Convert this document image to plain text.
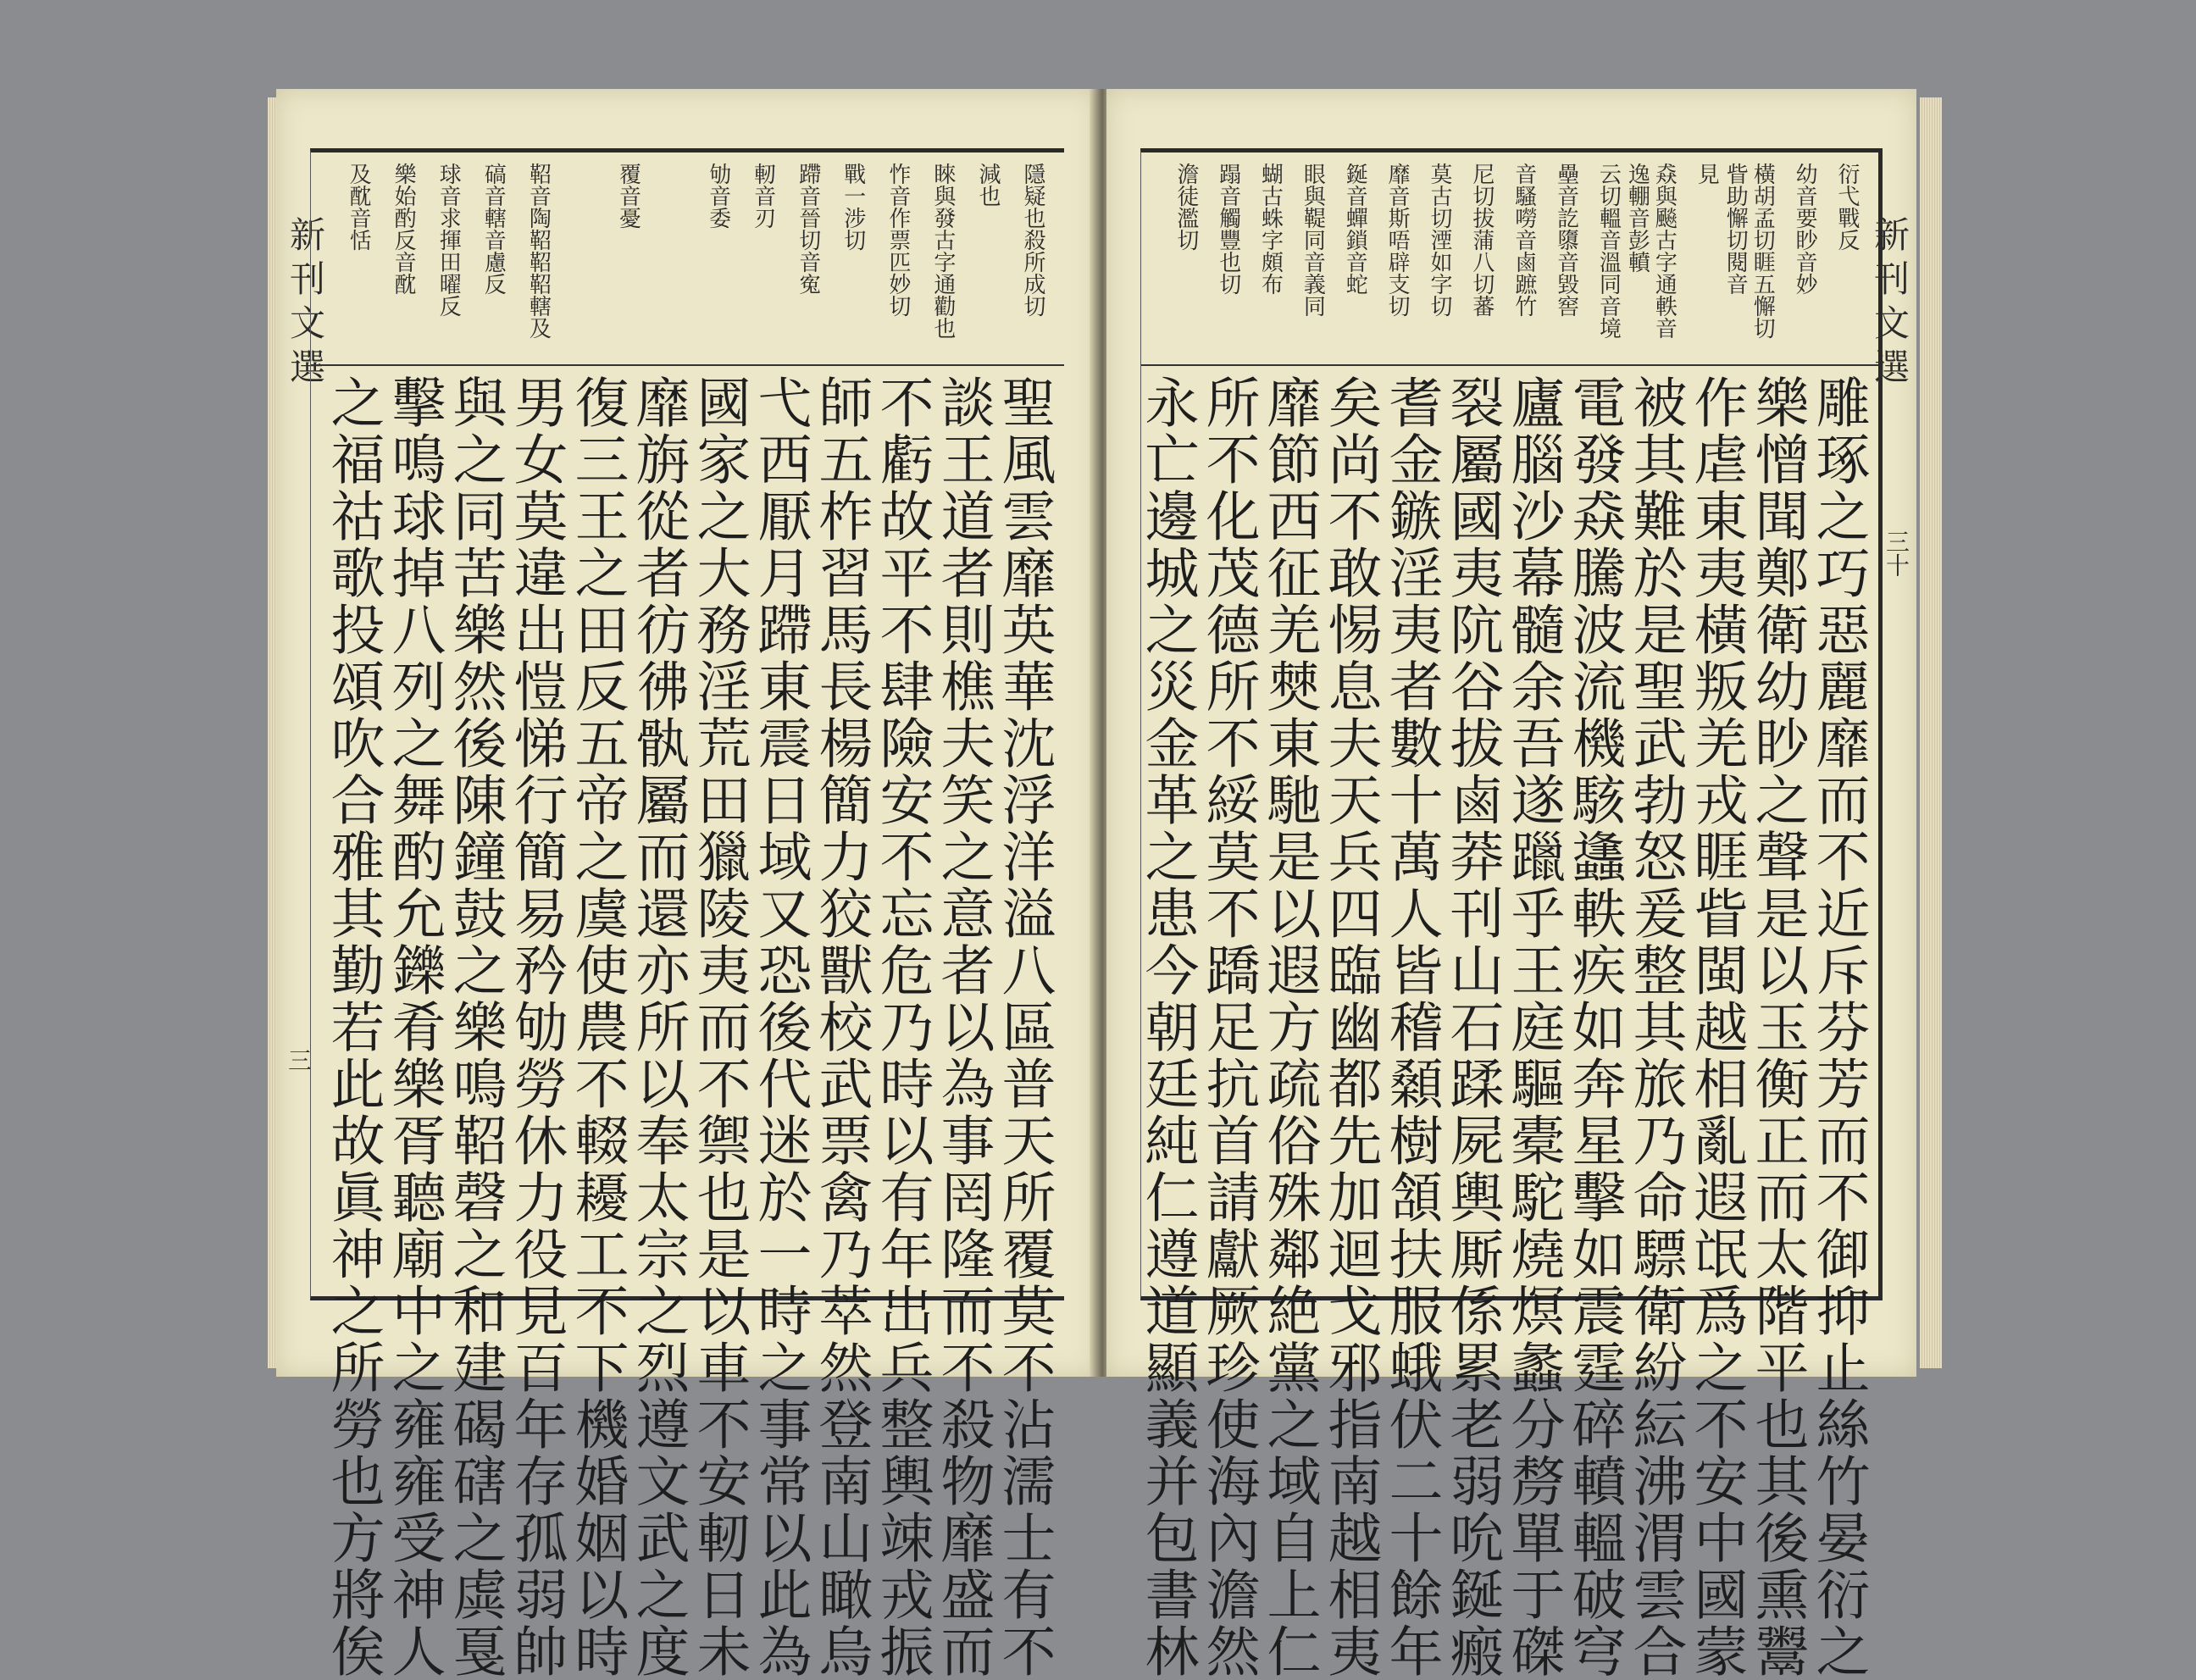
新刊文選
三
隱疑也殺所成切
減也
睞與發古字通勸也
怍音作票匹妙切
戰一涉切
蹛音晉切音寃
軔音刃
劬音委
覆音憂
鞀音陶鞀鞀鞀轄及
碻音轄音慮反
球音求揮田曜反
樂始酌反音酖
及酖音恬
聖風雲靡英華沈浮洋溢八區普天所覆莫不沾濡士有不
談王道者則樵夫笑之意者以為事罔隆而不殺物靡盛而
不虧故平不肆險安不忘危乃時以有年出兵整輿竦戎振
師五柞習馬長楊簡力狡獸校武票禽乃萃然登南山瞰烏
弋西厭月蹛東震日域又恐後代迷於一時之事常以此為
國家之大務淫荒田獵陵夷而不禦也是以車不安軔日未
靡旃從者彷彿骫屬而還亦所以奉太宗之烈遵文武之度
復三王之田反五帝之虞使農不輟耰工不下機婚姻以時
男女莫違出愷悌行簡易矜劬勞休力役見百年存孤弱帥
與之同苦樂然後陳鐘鼓之樂鳴鞀磬之和建碣磍之虡戛
擊鳴球掉八列之舞酌允鑠肴樂胥聽廟中之雍雍受神人
之福祜歌投頌吹合雅其勤若此故眞神之所勞也方將俟
新刊文選
三十
衍弋戰反
幼音要眇音妙
橫胡孟切睚五懈切眥助懈切閱音
見
猋與飈古字通軼音逸輣音彭轒
云切轀音溫同音境
壘音訖隳音毀窖
音騷嘮音鹵蹠竹
尼切拔蒲八切蕃
莫古切湮如字切
靡音斯唔辟支切
鋋音蟬鎖音蛇
眼與鞮同音義同
蝴古蛛字頗布
蹋音觸豐也切
澹徒濫切
雕琢之巧惡麗靡而不近斥芬芳而不御抑止絲竹晏衍之
樂憎聞鄭衛幼眇之聲是以玉衡正而太階平也其後熏鬻
作虐東夷橫叛羌戎睚眥閩越相亂遐氓爲之不安中國蒙
被其難於是聖武勃怒爰整其旅乃命驃衛紛紜沸渭雲合
電發猋騰波流機駭蠭軼疾如奔星擊如震霆碎轒轀破穹
廬腦沙幕髓余吾遂躐乎王庭驅橐駝燒熐蠡分剺單于磔
裂屬國夷阬谷拔鹵莽刊山石蹂屍輿厮係累老弱吮鋋瘢
耆金鏃淫夷者數十萬人皆稽顙樹頷扶服蛾伏二十餘年
矣尚不敢惕息夫天兵四臨幽都先加迴戈邪指南越相夷
靡節西征羌僰東馳是以遐方疏俗殊鄰絶黨之域自上仁
所不化茂德所不綏莫不蹻足抗首請獻厥珍使海內澹然
永亡邊城之災金革之患今朝廷純仁遵道顯義并包書林
